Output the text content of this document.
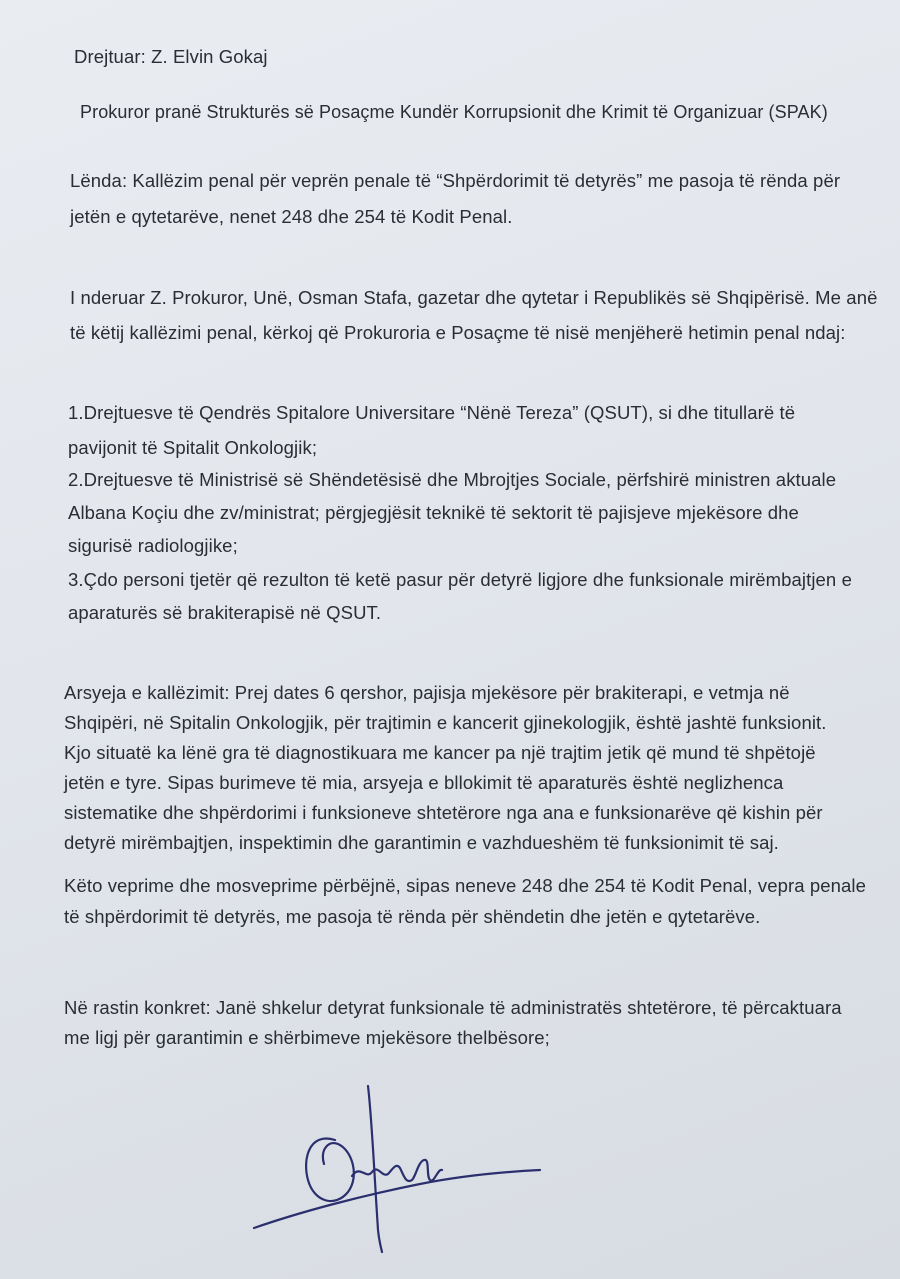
Drejtuar: Z. Elvin Gokaj
Prokuror pranë Strukturës së Posaçme Kundër Korrupsionit dhe Krimit të Organizuar (SPAK)
Lënda: Kallëzim penal për veprën penale të “Shpërdorimit të detyrës” me pasoja të rënda për
jetën e qytetarëve, nenet 248 dhe 254 të Kodit Penal.
I nderuar Z. Prokuror, Unë, Osman Stafa, gazetar dhe qytetar i Republikës së Shqipërisë. Me anë
të këtij kallëzimi penal, kërkoj që Prokuroria e Posaçme të nisë menjëherë hetimin penal ndaj:
1.Drejtuesve të Qendrës Spitalore Universitare “Nënë Tereza” (QSUT), si dhe titullarë të
pavijonit të Spitalit Onkologjik;
2.Drejtuesve të Ministrisë së Shëndetësisë dhe Mbrojtjes Sociale, përfshirë ministren aktuale
Albana Koçiu dhe zv/ministrat; përgjegjësit teknikë të sektorit të pajisjeve mjekësore dhe
sigurisë radiologjike;
3.Çdo personi tjetër që rezulton të ketë pasur për detyrë ligjore dhe funksionale mirëmbajtjen e
aparaturës së brakiterapisë në QSUT.
Arsyeja e kallëzimit: Prej dates 6 qershor, pajisja mjekësore për brakiterapi, e vetmja në
Shqipëri, në Spitalin Onkologjik, për trajtimin e kancerit gjinekologjik, është jashtë funksionit.
Kjo situatë ka lënë gra të diagnostikuara me kancer pa një trajtim jetik që mund të shpëtojë
jetën e tyre. Sipas burimeve të mia, arsyeja e bllokimit të aparaturës është neglizhenca
sistematike dhe shpërdorimi i funksioneve shtetërore nga ana e funksionarëve që kishin për
detyrë mirëmbajtjen, inspektimin dhe garantimin e vazhdueshëm të funksionimit të saj.
Këto veprime dhe mosveprime përbëjnë, sipas neneve 248 dhe 254 të Kodit Penal, vepra penale
të shpërdorimit të detyrës, me pasoja të rënda për shëndetin dhe jetën e qytetarëve.
Në rastin konkret: Janë shkelur detyrat funksionale të administratës shtetërore, të përcaktuara
me ligj për garantimin e shërbimeve mjekësore thelbësore;
